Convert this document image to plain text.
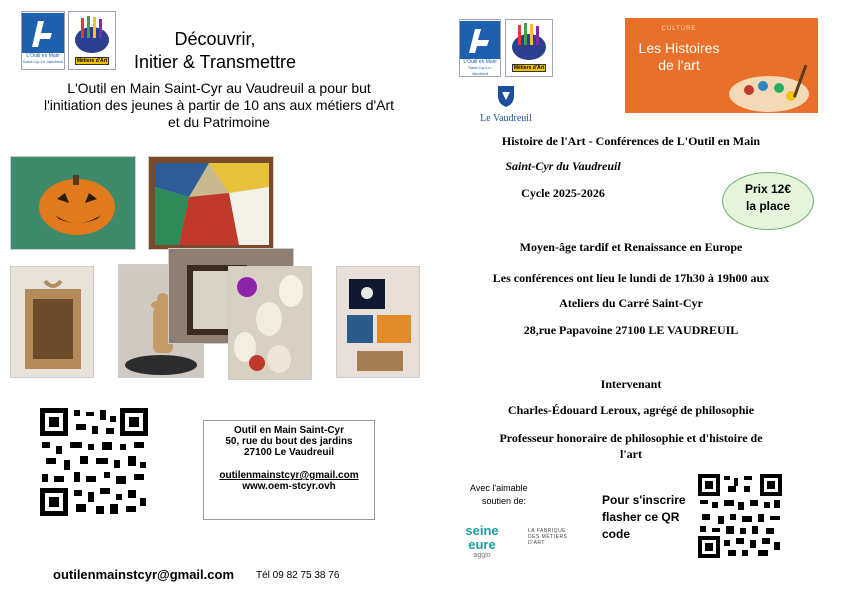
L'Outil en Main
Saint-Cyr-Le-Vaudreuil	Métiers d'Art
Découvrir,
Initier & Transmettre
L'Outil en Main Saint-Cyr au Vaudreuil a pour but
l'initiation des jeunes à partir de 10 ans aux métiers d'Art
et du Patrimoine
Outil en Main Saint-Cyr
50, rue du bout des jardins
27100 Le Vaudreuil
outilenmainstcyr@gmail.com
www.oem-stcyr.ovh
outilenmainstcyr@gmail.com Tél 09 82 75 38 76
L'Outil en Main
Saint-Cyr-Le-Vaudreuil
Métiers d'Art
Le Vaudreuil
CULTURE
Les Histoires
de l'art
Histoire de l'Art - Conférences de L'Outil en Main
Saint-Cyr du Vaudreuil
Cycle 2025-2026	Prix 12€
la place
Moyen-âge tardif et Renaissance en Europe
Les conférences ont lieu le lundi de 17h30 à 19h00 aux
Ateliers du Carré Saint-Cyr
28,rue Papavoine 27100 LE VAUDREUIL
Intervenant
Charles-Édouard Leroux, agrégé de philosophie
Professeur honoraire de philosophie et d'histoire de
l'art
Avec l'aimable
soutien de:
seine eure
agglo
LA FABRIQUE
DES MÉTIERS
D'ART
Pour s'inscrire
flasher ce QR
code
